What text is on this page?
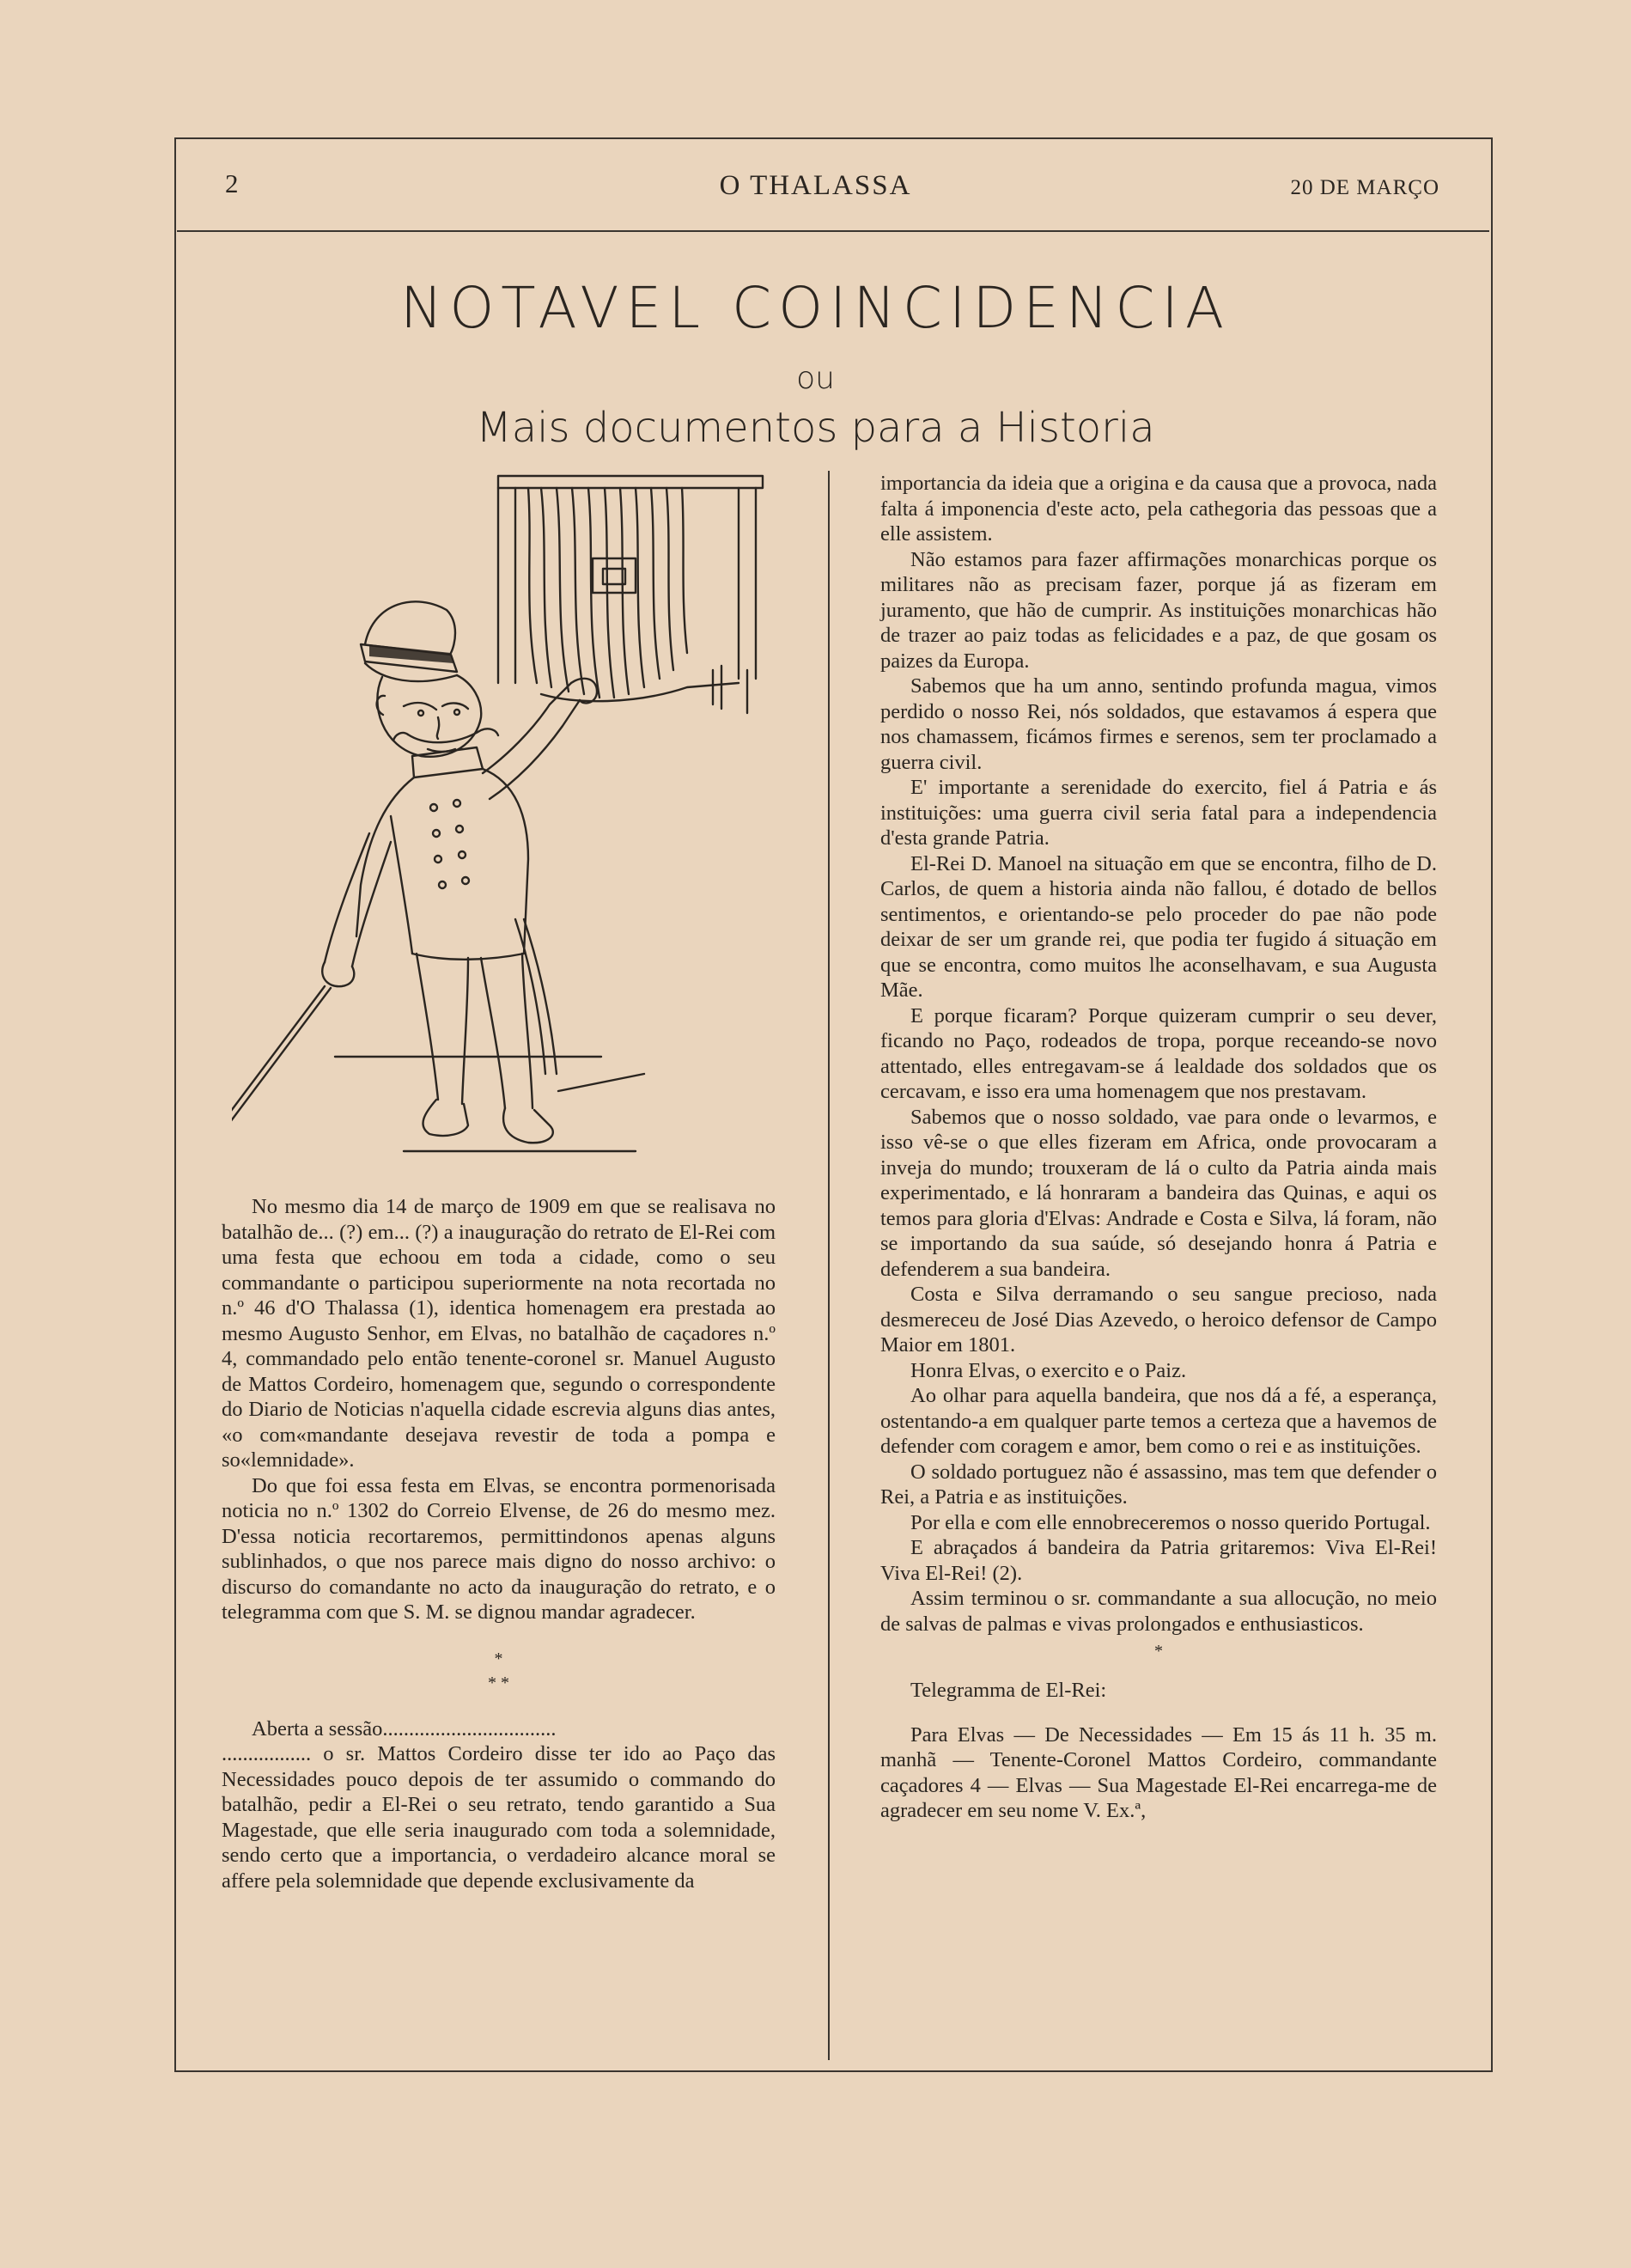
2	O THALASSA	20 DE MARÇO
NOTAVEL COINCIDENCIA
ou
Mais documentos para a Historia

No mesmo dia 14 de março de 1909 em que se realisava no batalhão de... (?) em... (?) a inauguração do retrato de El-Rei com uma festa que echoou em toda a cidade, como o seu commandante o participou superiormente na nota recortada no n.º 46 d'O Thalassa (1), identica homenagem era prestada ao mesmo Augusto Senhor, em Elvas, no batalhão de caçadores n.º 4, commandado pelo então tenente-coronel sr. Manuel Augusto de Mattos Cordeiro, homenagem que, segundo o correspondente do Diario de Noticias n'aquella cidade escrevia alguns dias antes, «o com«mandante desejava revestir de toda a pompa e so«lemnidade».

Do que foi essa festa em Elvas, se encontra pormenorisada noticia no n.º 1302 do Correio Elvense, de 26 do mesmo mez. D'essa noticia recortaremos, permittindonos apenas alguns sublinhados, o que nos parece mais digno do nosso archivo: o discurso do comandante no acto da inauguração do retrato, e o telegramma com que S. M. se dignou mandar agradecer.

*
* *

Aberta a sessão.................................

................. o sr. Mattos Cordeiro disse ter ido ao Paço das Necessidades pouco depois de ter assumido o commando do batalhão, pedir a El-Rei o seu retrato, tendo garantido a Sua Magestade, que elle seria inaugurado com toda a solemnidade, sendo certo que a importancia, o verdadeiro alcance moral se affere pela solemnidade que depende exclusivamente da

importancia da ideia que a origina e da causa que a provoca, nada falta á imponencia d'este acto, pela cathegoria das pessoas que a elle assistem.

Não estamos para fazer affirmações monarchicas porque os militares não as precisam fazer, porque já as fizeram em juramento, que hão de cumprir. As instituições monarchicas hão de trazer ao paiz todas as felicidades e a paz, de que gosam os paizes da Europa.

Sabemos que ha um anno, sentindo profunda magua, vimos perdido o nosso Rei, nós soldados, que estavamos á espera que nos chamassem, ficámos firmes e serenos, sem ter proclamado a guerra civil.

E' importante a serenidade do exercito, fiel á Patria e ás instituições: uma guerra civil seria fatal para a independencia d'esta grande Patria.

El-Rei D. Manoel na situação em que se encontra, filho de D. Carlos, de quem a historia ainda não fallou, é dotado de bellos sentimentos, e orientando-se pelo proceder do pae não pode deixar de ser um grande rei, que podia ter fugido á situação em que se encontra, como muitos lhe aconselhavam, e sua Augusta Mãe.

E porque ficaram? Porque quizeram cumprir o seu dever, ficando no Paço, rodeados de tropa, porque receando-se novo attentado, elles entregavam-se á lealdade dos soldados que os cercavam, e isso era uma homenagem que nos prestavam.

Sabemos que o nosso soldado, vae para onde o levarmos, e isso vê-se o que elles fizeram em Africa, onde provocaram a inveja do mundo; trouxeram de lá o culto da Patria ainda mais experimentado, e lá honraram a bandeira das Quinas, e aqui os temos para gloria d'Elvas: Andrade e Costa e Silva, lá foram, não se importando da sua saúde, só desejando honra á Patria e defenderem a sua bandeira.

Costa e Silva derramando o seu sangue precioso, nada desmereceu de José Dias Azevedo, o heroico defensor de Campo Maior em 1801.

Honra Elvas, o exercito e o Paiz.

Ao olhar para aquella bandeira, que nos dá a fé, a esperança, ostentando-a em qualquer parte temos a certeza que a havemos de defender com coragem e amor, bem como o rei e as instituições.

O soldado portuguez não é assassino, mas tem que defender o Rei, a Patria e as instituições.

Por ella e com elle ennobreceremos o nosso querido Portugal.

E abraçados á bandeira da Patria gritaremos: Viva El-Rei! Viva El-Rei! (2).

Assim terminou o sr. commandante a sua allocução, no meio de salvas de palmas e vivas prolongados e enthusiasticos.

*

Telegramma de El-Rei:

Para Elvas — De Necessidades — Em 15 ás 11 h. 35 m. manhã — Tenente-Coronel Mattos Cordeiro, commandante caçadores 4 — Elvas — Sua Magestade El-Rei encarrega-me de agradecer em seu nome V. Ex.ª,
